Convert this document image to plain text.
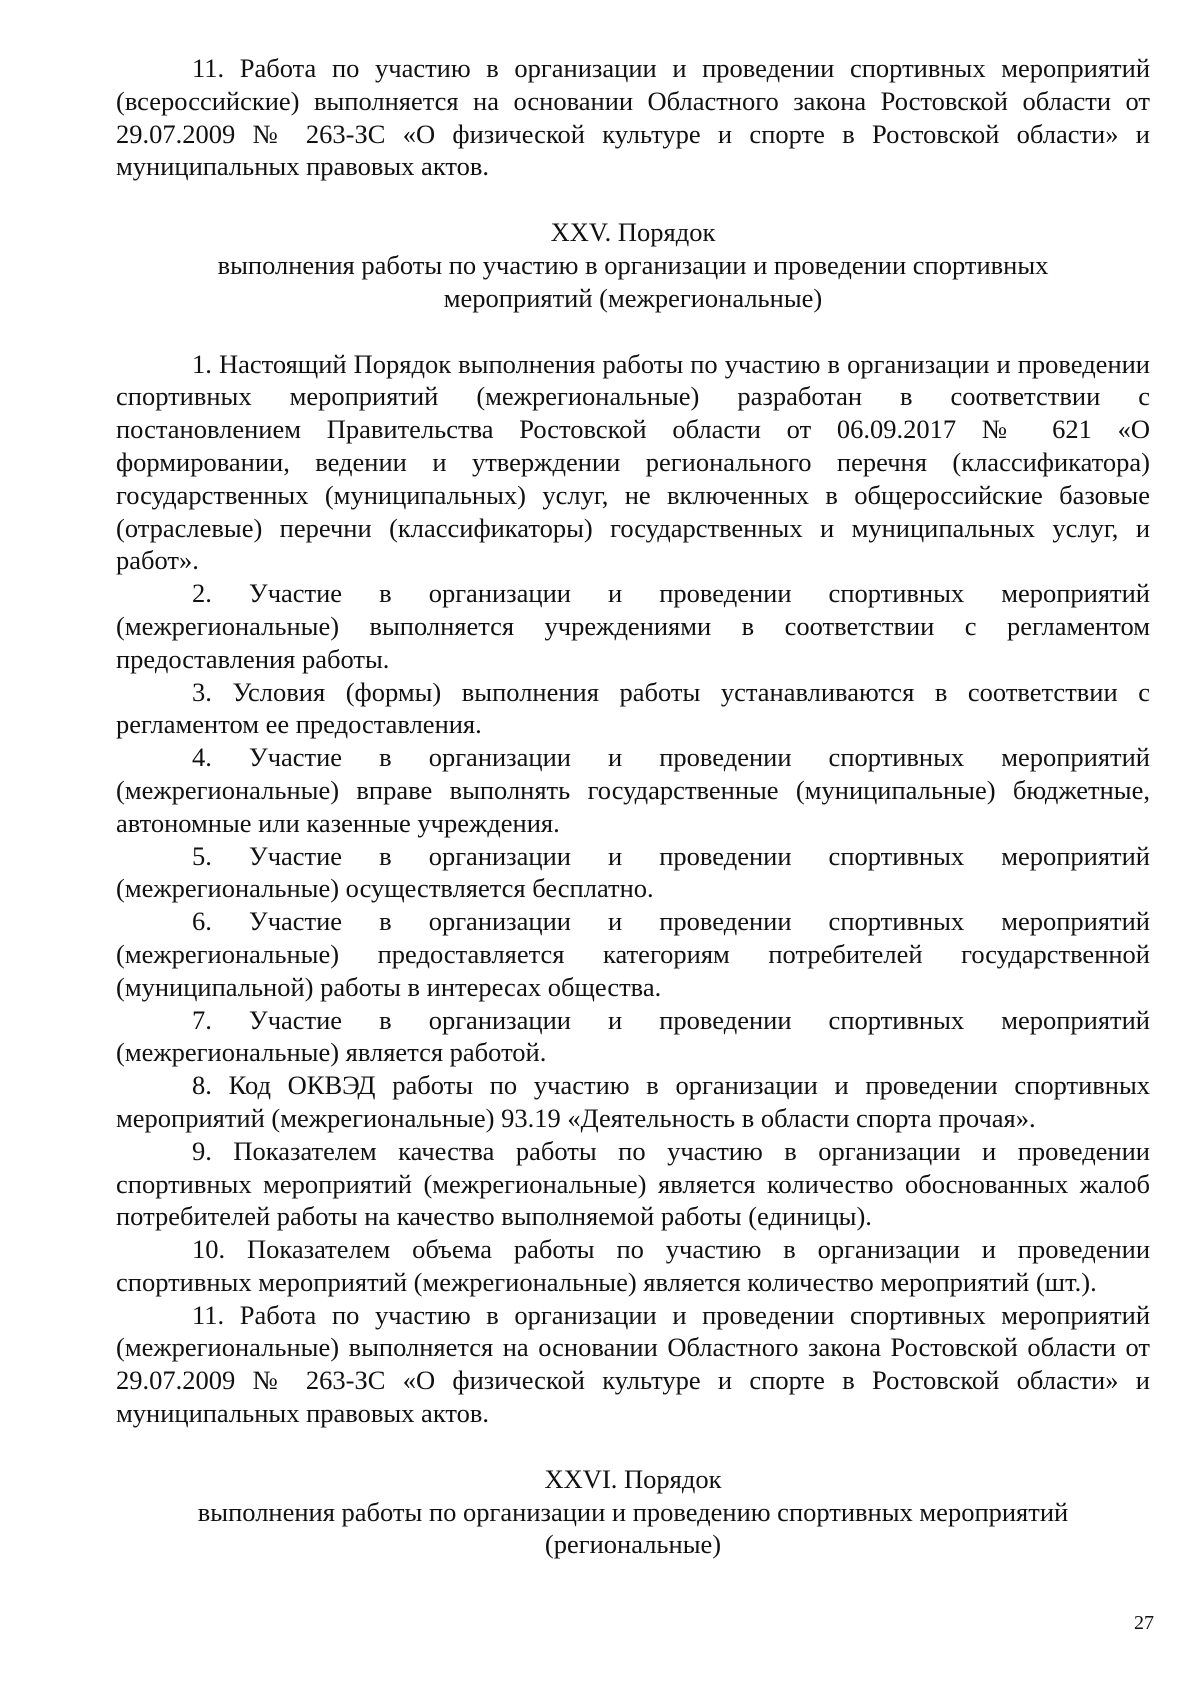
11. Работа по участию в организации и проведении спортивных мероприятий (всероссийские) выполняется на основании Областного закона Ростовской области от 29.07.2009 № 263-ЗС «О физической культуре и спорте в Ростовской области» и муниципальных правовых актов.

XXV. Порядок

выполнения работы по участию в организации и проведении спортивных

мероприятий (межрегиональные)

1. Настоящий Порядок выполнения работы по участию в организации и проведении спортивных мероприятий (межрегиональные) разработан в соответствии с постановлением Правительства Ростовской области от 06.09.2017 № 621 «О формировании, ведении и утверждении регионального перечня (классификатора) государственных (муниципальных) услуг, не включенных в общероссийские базовые (отраслевые) перечни (классификаторы) государственных и муниципальных услуг, и работ».

2. Участие в организации и проведении спортивных мероприятий (межрегиональные) выполняется учреждениями в соответствии с регламентом предоставления работы.

3. Условия (формы) выполнения работы устанавливаются в соответствии с регламентом ее предоставления.

4. Участие в организации и проведении спортивных мероприятий (межрегиональные) вправе выполнять государственные (муниципальные) бюджетные, автономные или казенные учреждения.

5. Участие в организации и проведении спортивных мероприятий (межрегиональные) осуществляется бесплатно.

6. Участие в организации и проведении спортивных мероприятий (межрегиональные) предоставляется категориям потребителей государственной (муниципальной) работы в интересах общества.

7. Участие в организации и проведении спортивных мероприятий (межрегиональные) является работой.

8. Код ОКВЭД работы по участию в организации и проведении спортивных мероприятий (межрегиональные) 93.19 «Деятельность в области спорта прочая».

9. Показателем качества работы по участию в организации и проведении спортивных мероприятий (межрегиональные) является количество обоснованных жалоб потребителей работы на качество выполняемой работы (единицы).

10. Показателем объема работы по участию в организации и проведении спортивных мероприятий (межрегиональные) является количество мероприятий (шт.).

11. Работа по участию в организации и проведении спортивных мероприятий (межрегиональные) выполняется на основании Областного закона Ростовской области от 29.07.2009 № 263-ЗС «О физической культуре и спорте в Ростовской области» и муниципальных правовых актов.

XXVI. Порядок

выполнения работы по организации и проведению спортивных мероприятий

(региональные)

27
